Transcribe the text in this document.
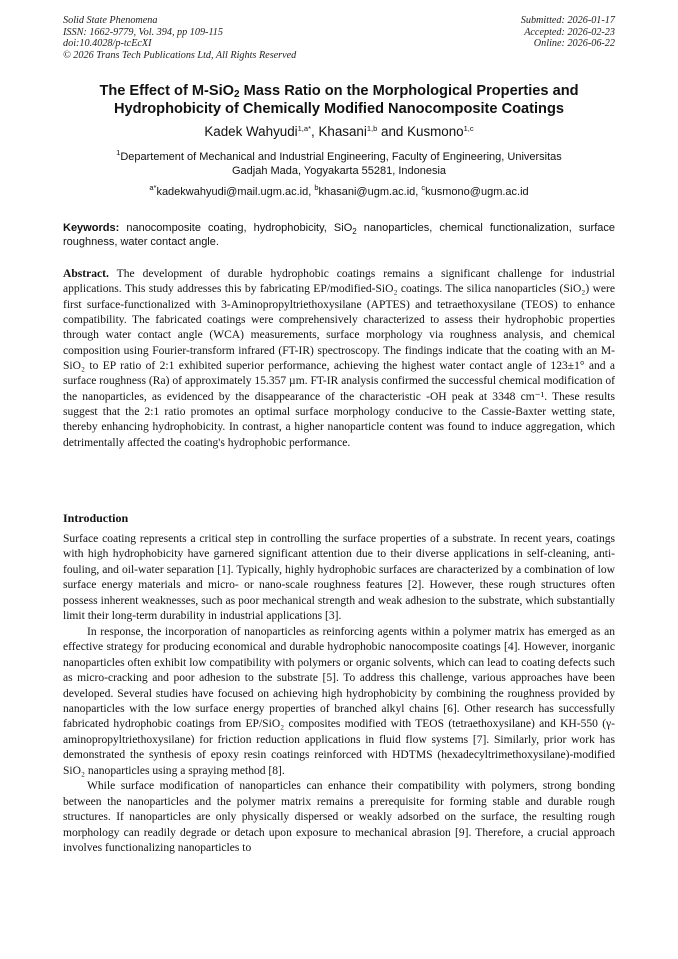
Solid State Phenomena
ISSN: 1662-9779, Vol. 394, pp 109-115
doi:10.4028/p-tcEcXI
© 2026 Trans Tech Publications Ltd, All Rights Reserved
Submitted: 2026-01-17
Accepted: 2026-02-23
Online: 2026-06-22
The Effect of M-SiO$_2$ Mass Ratio on the Morphological Properties and
Hydrophobicity of Chemically Modified Nanocomposite Coatings
Kadek Wahyudi$^{1,a*}$, Khasani$^{1,b}$ and Kusmono$^{1,c}$
$^1$Departement of Mechanical and Industrial Engineering, Faculty of Engineering, Universitas
Gadjah Mada, Yogyakarta 55281, Indonesia
$^{a*}$kadekwahyudi@mail.ugm.ac.id, $^b$khasani@ugm.ac.id, $^c$kusmono@ugm.ac.id
Keywords: nanocomposite coating, hydrophobicity, SiO$_2$ nanoparticles, chemical functionalization, surface roughness, water contact angle.

Abstract. The development of durable hydrophobic coatings remains a significant challenge for industrial applications. This study addresses this by fabricating EP/modified-SiO₂ coatings. The silica nanoparticles (SiO₂) were first surface-functionalized with 3-Aminopropyltriethoxysilane (APTES) and tetraethoxysilane (TEOS) to enhance compatibility. The fabricated coatings were comprehensively characterized to assess their hydrophobic properties through water contact angle (WCA) measurements, surface morphology via roughness analysis, and chemical composition using Fourier-transform infrared (FT-IR) spectroscopy. The findings indicate that the coating with an M-SiO₂ to EP ratio of 2:1 exhibited superior performance, achieving the highest water contact angle of 123±1° and a surface roughness (Ra) of approximately 15.357 µm. FT-IR analysis confirmed the successful chemical modification of the nanoparticles, as evidenced by the disappearance of the characteristic -OH peak at 3348 cm⁻¹. These results suggest that the 2:1 ratio promotes an optimal surface morphology conducive to the Cassie-Baxter wetting state, thereby enhancing hydrophobicity. In contrast, a higher nanoparticle content was found to induce aggregation, which detrimentally affected the coating's hydrophobic performance.

Introduction

Surface coating represents a critical step in controlling the surface properties of a substrate. In recent years, coatings with high hydrophobicity have garnered significant attention due to their diverse applications in self-cleaning, anti-fouling, and oil-water separation [1]. Typically, highly hydrophobic surfaces are characterized by a combination of low surface energy materials and micro- or nano-scale roughness features [2]. However, these rough structures often possess inherent weaknesses, such as poor mechanical strength and weak adhesion to the substrate, which substantially limit their long-term durability in industrial applications [3].

In response, the incorporation of nanoparticles as reinforcing agents within a polymer matrix has emerged as an effective strategy for producing economical and durable hydrophobic nanocomposite coatings [4]. However, inorganic nanoparticles often exhibit low compatibility with polymers or organic solvents, which can lead to coating defects such as micro-cracking and poor adhesion to the substrate [5]. To address this challenge, various approaches have been developed. Several studies have focused on achieving high hydrophobicity by combining the roughness provided by nanoparticles with the low surface energy properties of branched alkyl chains [6]. Other research has successfully fabricated hydrophobic coatings from EP/SiO₂ composites modified with TEOS (tetraethoxysilane) and KH-550 (γ-aminopropyltriethoxysilane) for friction reduction applications in fluid flow systems [7]. Similarly, prior work has demonstrated the synthesis of epoxy resin coatings reinforced with HDTMS (hexadecyltrimethoxysilane)-modified SiO₂ nanoparticles using a spraying method [8].

While surface modification of nanoparticles can enhance their compatibility with polymers, strong bonding between the nanoparticles and the polymer matrix remains a prerequisite for forming stable and durable rough structures. If nanoparticles are only physically dispersed or weakly adsorbed on the surface, the resulting rough morphology can readily degrade or detach upon exposure to mechanical abrasion [9]. Therefore, a crucial approach involves functionalizing nanoparticles to
